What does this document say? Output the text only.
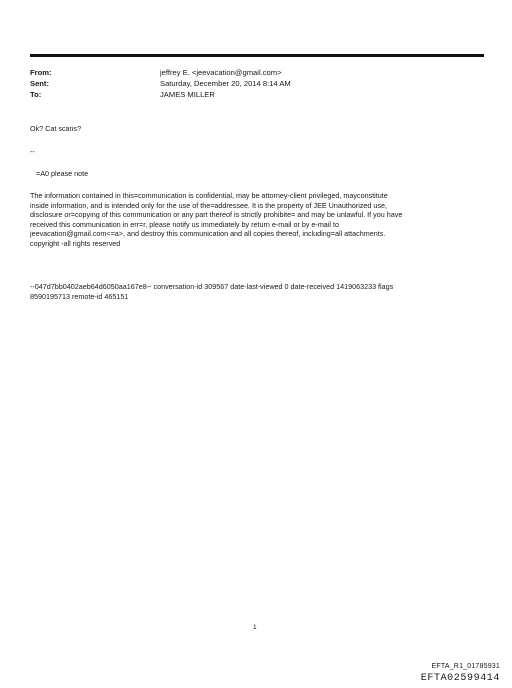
From:	jeffrey E. <jeevacation@gmail.com>
Sent:	Saturday, December 20, 2014 8:14 AM
To:	JAMES MILLER
Ok? Cat scans?
--
=A0 please note
The information contained in this=communication is confidential, may be attorney-client privileged, mayconstitute
inside information, and is intended only for the use of the=addressee. It is the property of JEE Unauthorized use,
disclosure or=copying of this communication or any part thereof is strictly prohibite= and may be unlawful. If you have
received this communication in err=r, please notify us immediately by return e-mail or by e-mail to
jeevacation@gmail.com<=a>, and destroy this communication and all copies thereof, including=all attachments.
copyright -all rights reserved
--047d7bb0402aeb64d6050aa167e8-- conversation-id 309567 date-last-viewed 0 date-received 1419063233 flags
8590195713 remote-id 465151
1
EFTA_R1_01785931
EFTA02599414
